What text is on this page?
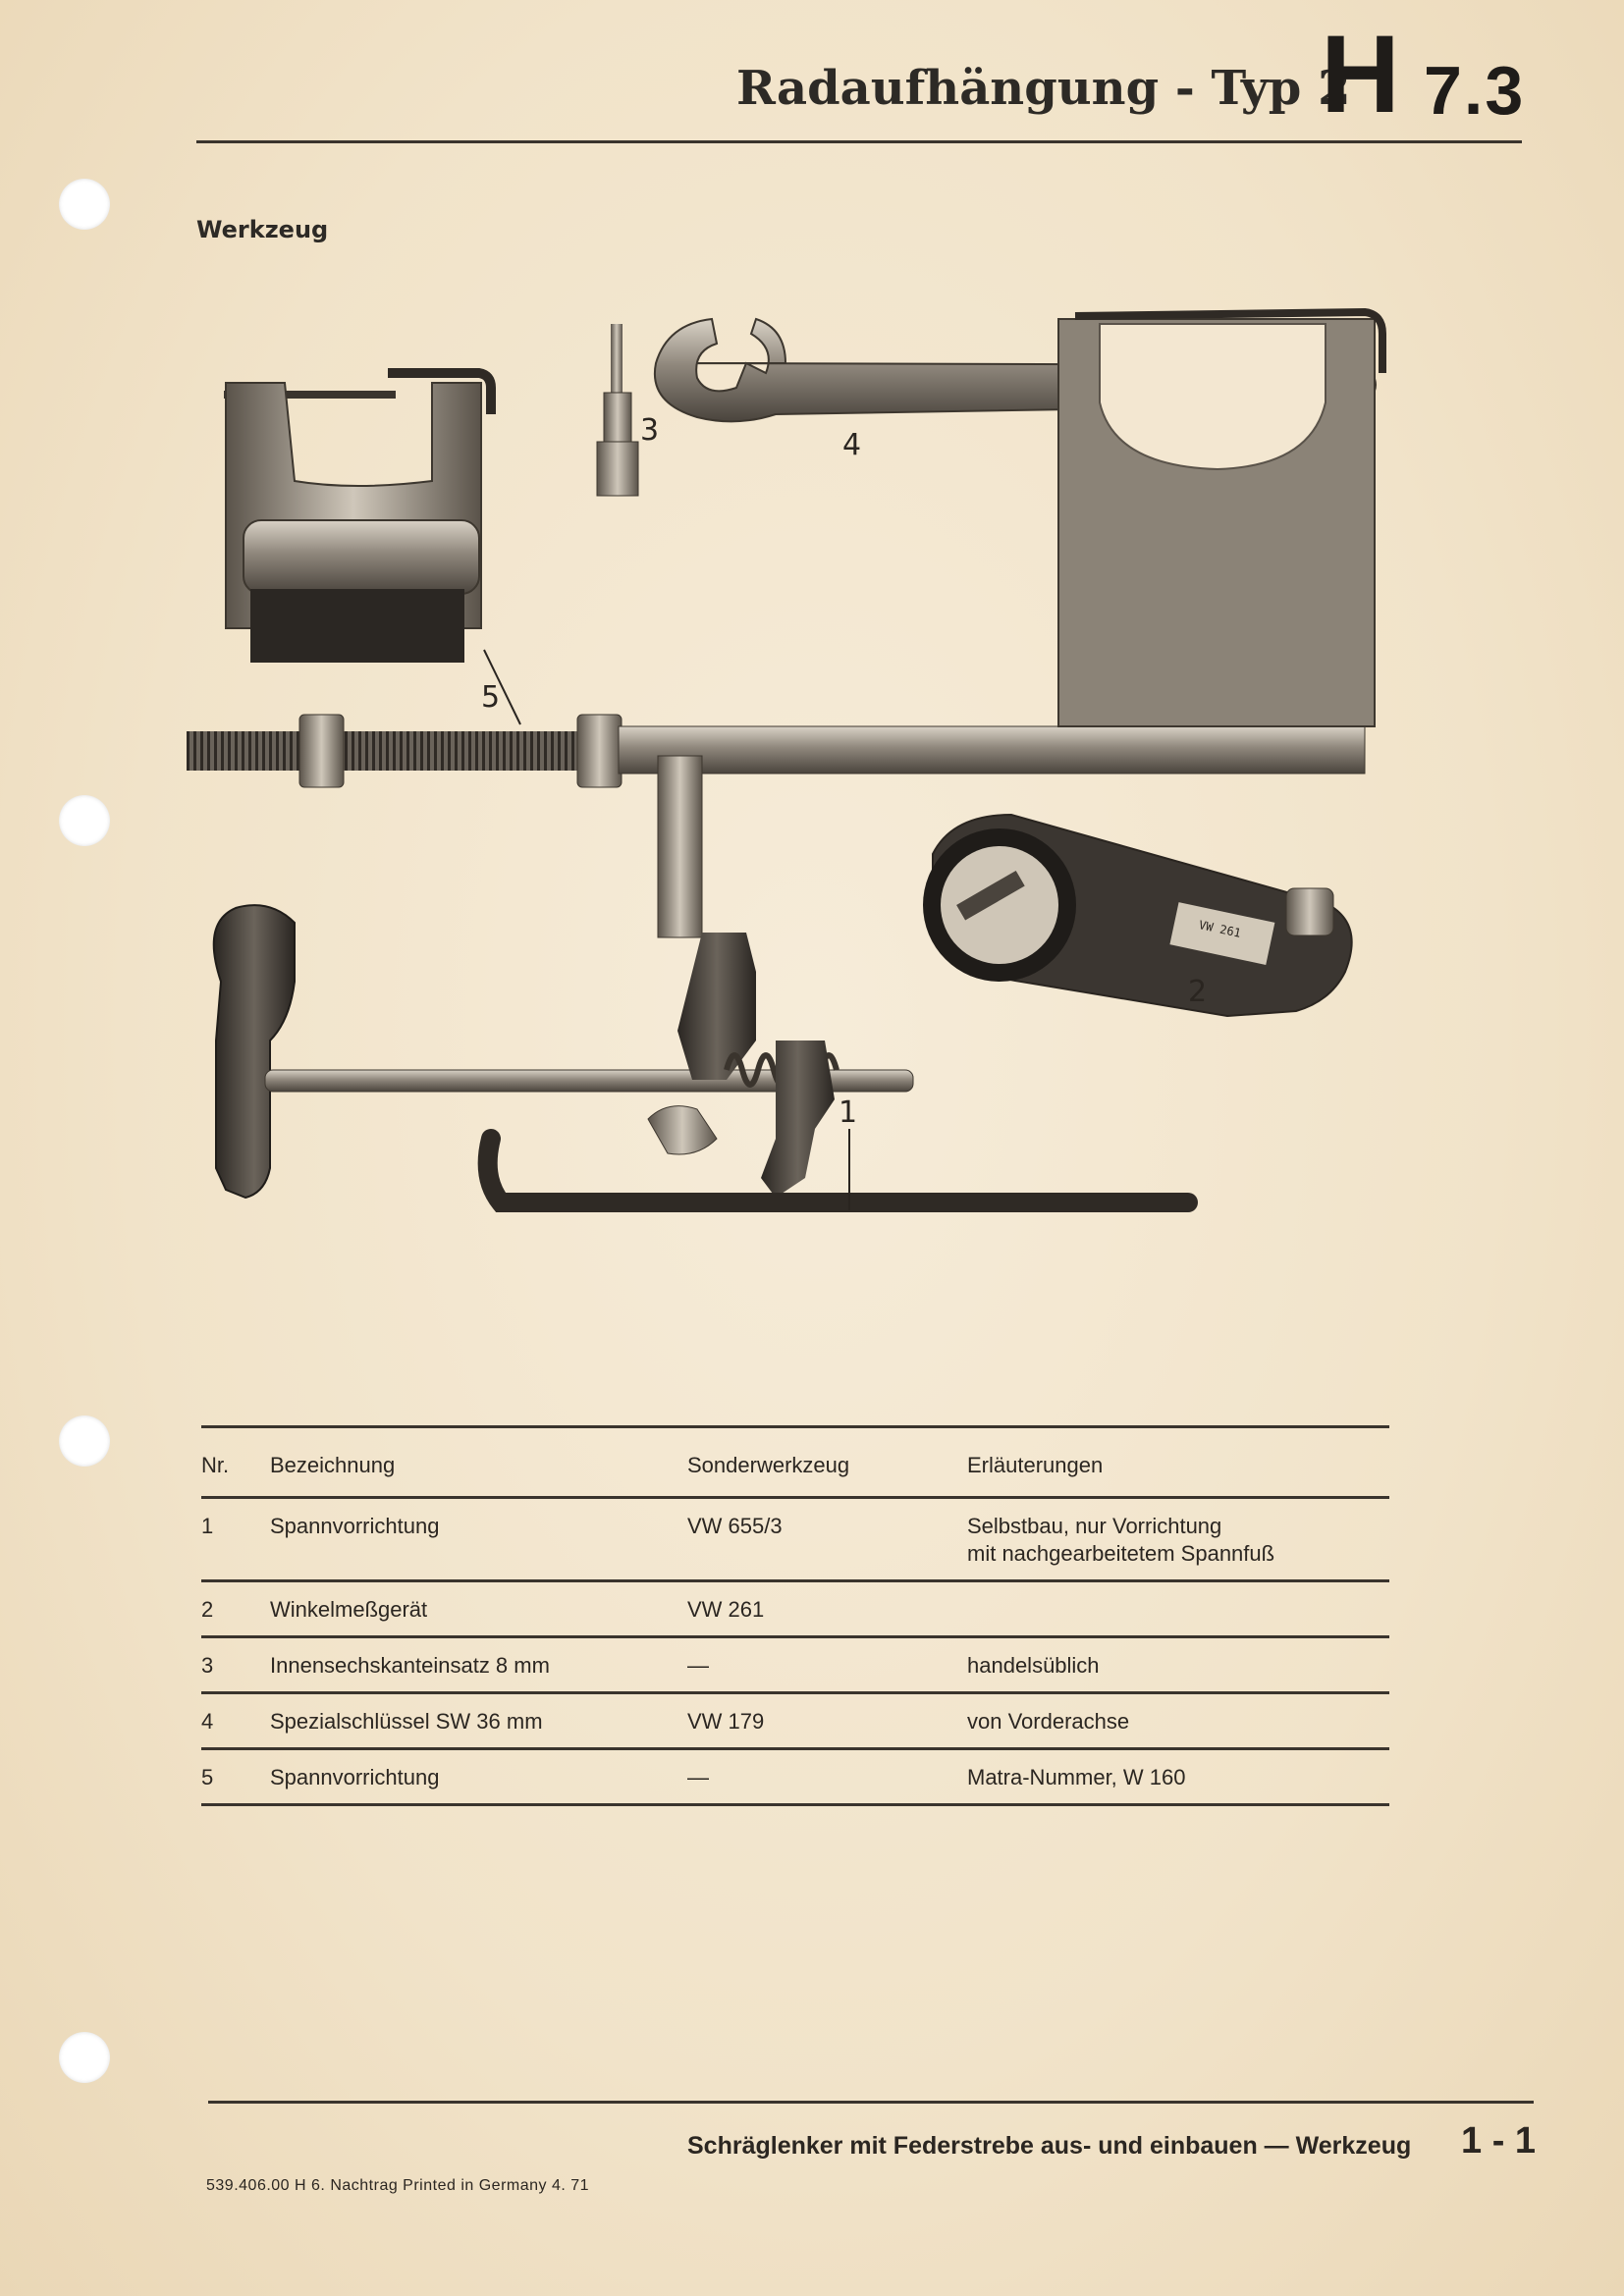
Radaufhängung - Typ 2
H 7.3
Werkzeug
4
5
3
VW 261
2
1
Nr.	Bezeichnung	Sonderwerkzeug	Erläuterungen
1	Spannvorrichtung	VW 655/3	Selbstbau, nur Vorrichtung
mit nachgearbeitetem Spannfuß

2	Winkelmeßgerät	VW 261	
3	Innensechskanteinsatz 8 mm	—	handelsüblich
4	Spezialschlüssel SW 36 mm	VW 179	von Vorderachse
5	Spannvorrichtung	—	Matra-Nummer, W 160
Schräglenker mit Federstrebe aus- und einbauen — Werkzeug 1 - 1
539.406.00 H 6. Nachtrag Printed in Germany 4. 71
